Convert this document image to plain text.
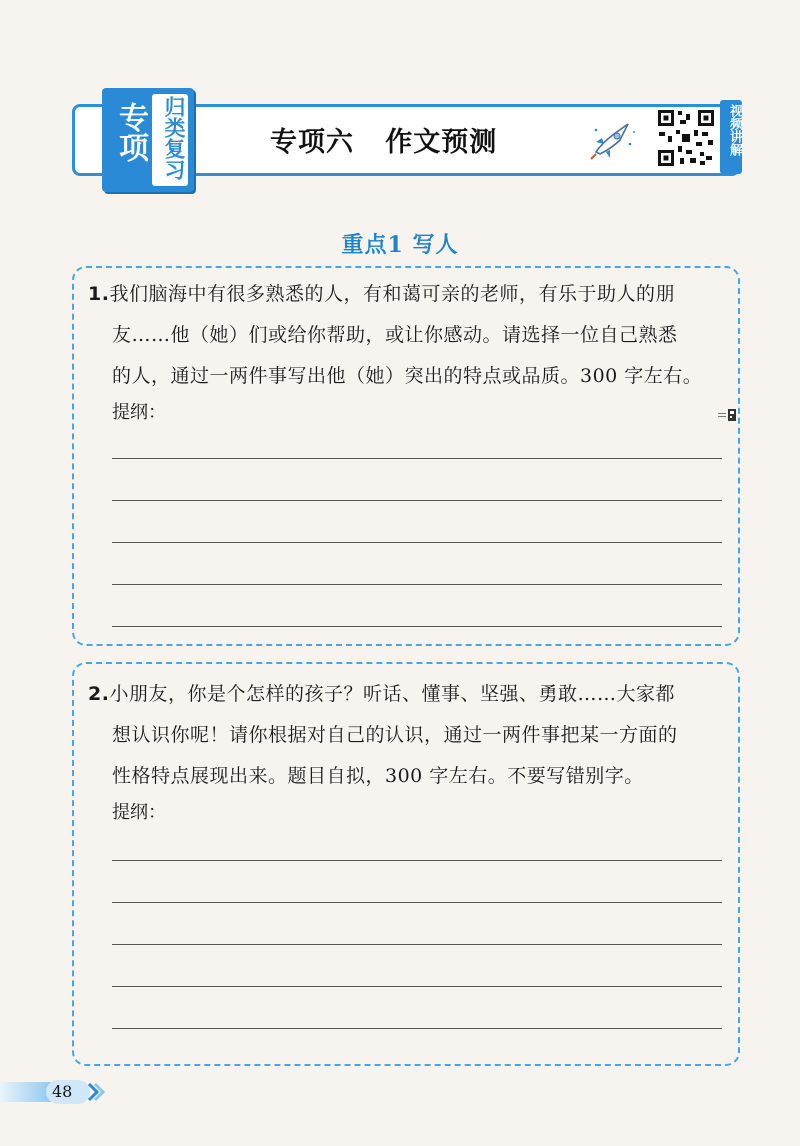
专项 归类复习	专项六   作文预测	视频讲解
重点1 写人
1.我们脑海中有很多熟悉的人，有和蔼可亲的老师，有乐于助人的朋
友……他（她）们或给你帮助，或让你感动。请选择一位自己熟悉
的人，通过一两件事写出他（她）突出的特点或品质。300 字左右。
提纲：
2.小朋友，你是个怎样的孩子？听话、懂事、坚强、勇敢……大家都
想认识你呢！请你根据对自己的认识，通过一两件事把某一方面的
性格特点展现出来。题目自拟，300 字左右。不要写错别字。
提纲：
48
